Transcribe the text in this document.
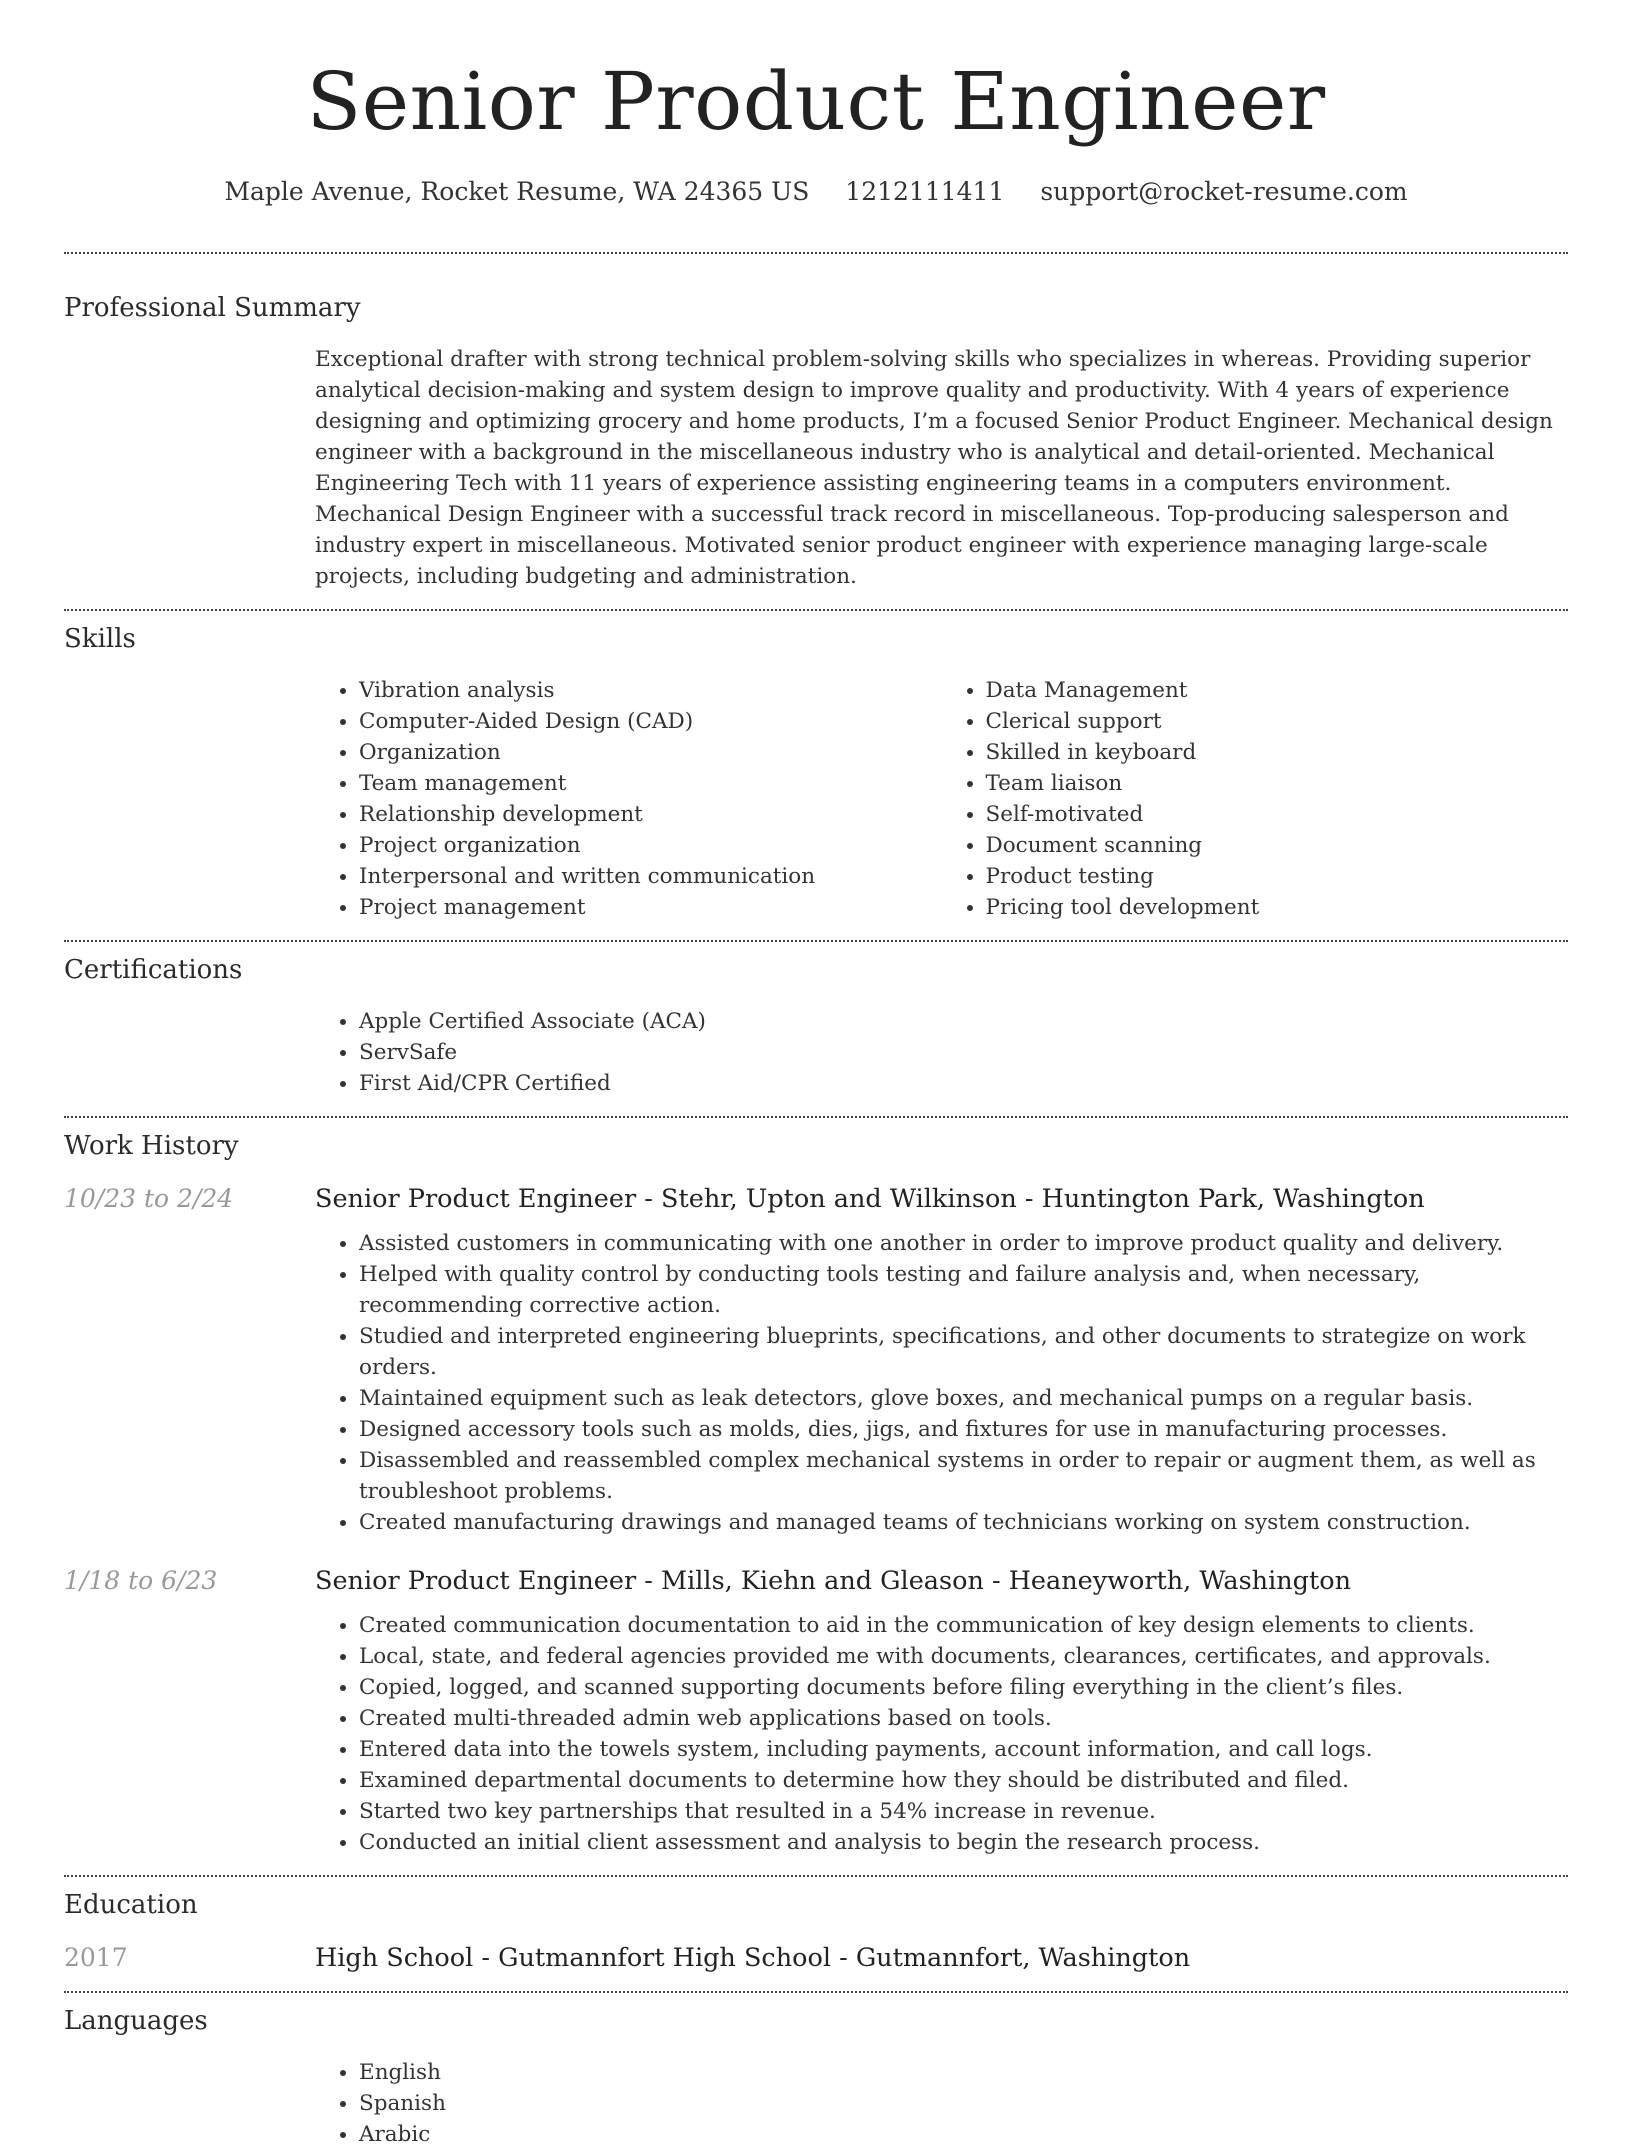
Senior Product Engineer
Maple Avenue, Rocket Resume, WA 24365 US 1212111411 support@rocket-resume.com
Professional Summary

Exceptional drafter with strong technical problem-solving skills who specializes in whereas. Providing superior analytical decision-making and system design to improve quality and productivity. With 4 years of experience designing and optimizing grocery and home products, I’m a focused Senior Product Engineer. Mechanical design engineer with a background in the miscellaneous industry who is analytical and detail-oriented. Mechanical Engineering Tech with 11 years of experience assisting engineering teams in a computers environment. Mechanical Design Engineer with a successful track record in miscellaneous. Top-producing salesperson and industry expert in miscellaneous. Motivated senior product engineer with experience managing large-scale projects, including budgeting and administration.

Skills
• Vibration analysis
• Computer-Aided Design (CAD)
• Organization
• Team management
• Relationship development
• Project organization
• Interpersonal and written communication
• Project management
• Data Management
• Clerical support
• Skilled in keyboard
• Team liaison
• Self-motivated
• Document scanning
• Product testing
• Pricing tool development
Certifications
• Apple Certified Associate (ACA)
• ServSafe
• First Aid/CPR Certified
Work History
10/23 to 2/24	Senior Product Engineer - Stehr, Upton and Wilkinson - Huntington Park, Washington
• Assisted customers in communicating with one another in order to improve product quality and delivery.
• Helped with quality control by conducting tools testing and failure analysis and, when necessary, recommending corrective action.
• Studied and interpreted engineering blueprints, specifications, and other documents to strategize on work orders.
• Maintained equipment such as leak detectors, glove boxes, and mechanical pumps on a regular basis.
• Designed accessory tools such as molds, dies, jigs, and fixtures for use in manufacturing processes.
• Disassembled and reassembled complex mechanical systems in order to repair or augment them, as well as troubleshoot problems.
• Created manufacturing drawings and managed teams of technicians working on system construction.
1/18 to 6/23	Senior Product Engineer - Mills, Kiehn and Gleason - Heaneyworth, Washington
• Created communication documentation to aid in the communication of key design elements to clients.
• Local, state, and federal agencies provided me with documents, clearances, certificates, and approvals.
• Copied, logged, and scanned supporting documents before filing everything in the client’s files.
• Created multi-threaded admin web applications based on tools.
• Entered data into the towels system, including payments, account information, and call logs.
• Examined departmental documents to determine how they should be distributed and filed.
• Started two key partnerships that resulted in a 54% increase in revenue.
• Conducted an initial client assessment and analysis to begin the research process.
Education
2017	High School - Gutmannfort High School - Gutmannfort, Washington
Languages
• English
• Spanish
• Arabic
